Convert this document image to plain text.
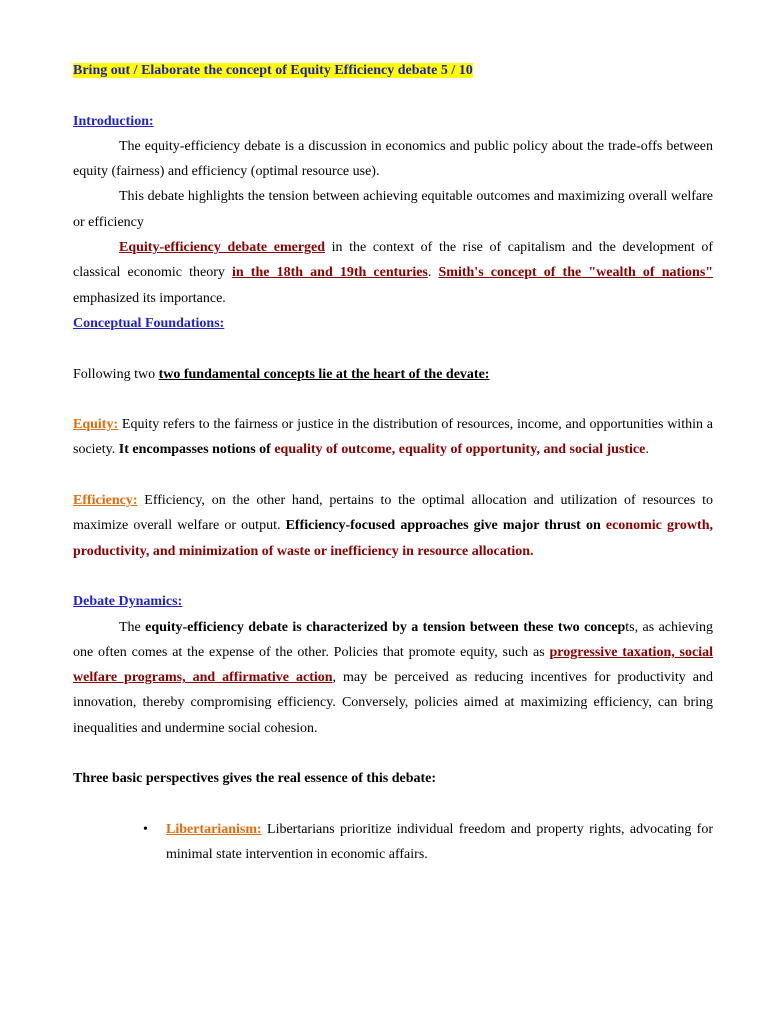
Bring out / Elaborate the concept of Equity Efficiency debate 5 / 10

Introduction:

The equity-efficiency debate is a discussion in economics and public policy about the trade-offs between equity (fairness) and efficiency (optimal resource use).

This debate highlights the tension between achieving equitable outcomes and maximizing overall welfare or efficiency

Equity-efficiency debate emerged in the context of the rise of capitalism and the development of classical economic theory in the 18th and 19th centuries. Smith's concept of the "wealth of nations" emphasized its importance.

Conceptual Foundations:

Following two two fundamental concepts lie at the heart of the devate:

Equity: Equity refers to the fairness or justice in the distribution of resources, income, and opportunities within a society. It encompasses notions of equality of outcome, equality of opportunity, and social justice.

Efficiency: Efficiency, on the other hand, pertains to the optimal allocation and utilization of resources to maximize overall welfare or output. Efficiency-focused approaches give major thrust on economic growth, productivity, and minimization of waste or inefficiency in resource allocation.

Debate Dynamics:

The equity-efficiency debate is characterized by a tension between these two concepts, as achieving one often comes at the expense of the other. Policies that promote equity, such as progressive taxation, social welfare programs, and affirmative action, may be perceived as reducing incentives for productivity and innovation, thereby compromising efficiency. Conversely, policies aimed at maximizing efficiency, can bring inequalities and undermine social cohesion.

Three basic perspectives gives the real essence of this debate:

• Libertarianism: Libertarians prioritize individual freedom and property rights, advocating for minimal state intervention in economic affairs.
